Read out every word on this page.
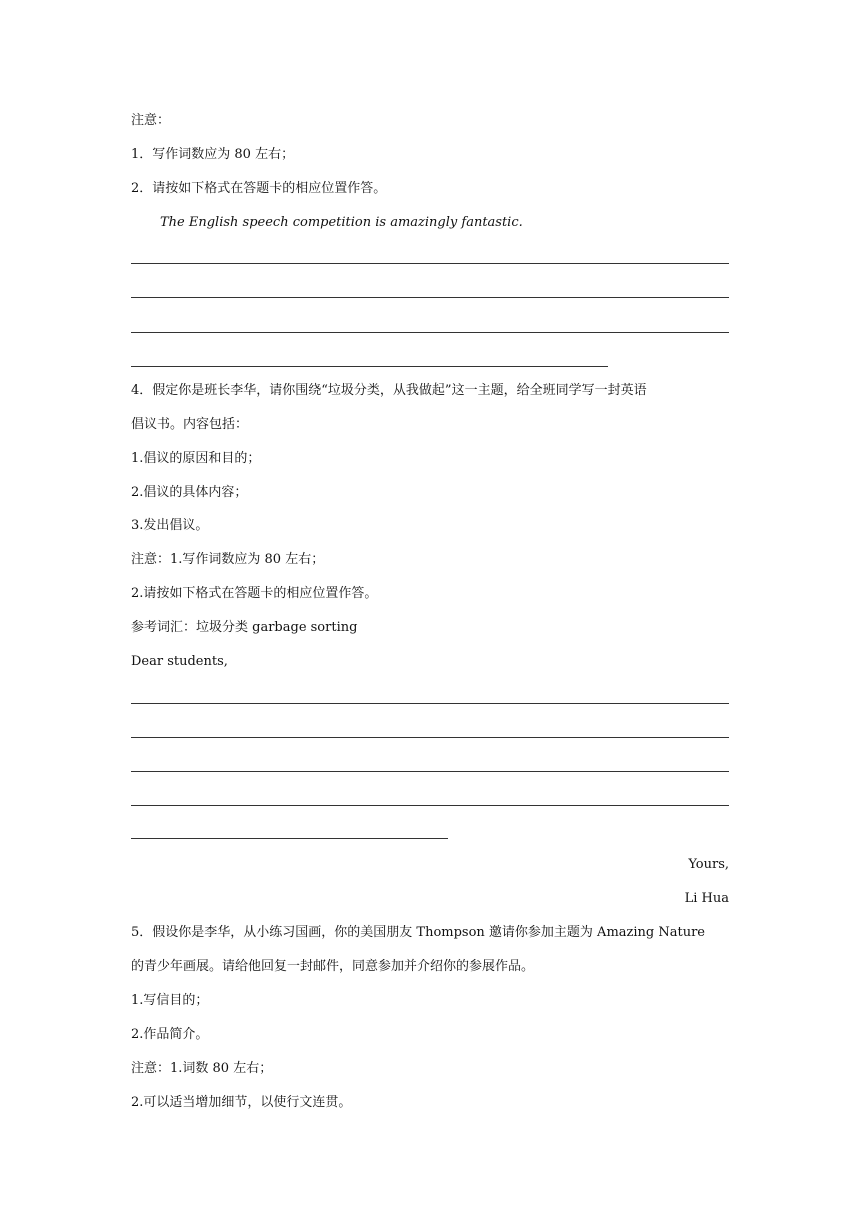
注意：
1．写作词数应为 80 左右；
2．请按如下格式在答题卡的相应位置作答。
The English speech competition is amazingly fantastic.
4．假定你是班长李华，请你围绕“垃圾分类，从我做起”这一主题，给全班同学写一封英语
倡议书。内容包括：
1.倡议的原因和目的；
2.倡议的具体内容；
3.发出倡议。
注意：1.写作词数应为 80 左右；
2.请按如下格式在答题卡的相应位置作答。
参考词汇：垃圾分类 garbage sorting
Dear students,
Yours,
Li Hua
5．假设你是李华，从小练习国画，你的美国朋友 Thompson 邀请你参加主题为 Amazing Nature
的青少年画展。请给他回复一封邮件，同意参加并介绍你的参展作品。
1.写信目的；
2.作品简介。
注意：1.词数 80 左右；
2.可以适当增加细节，以使行文连贯。
